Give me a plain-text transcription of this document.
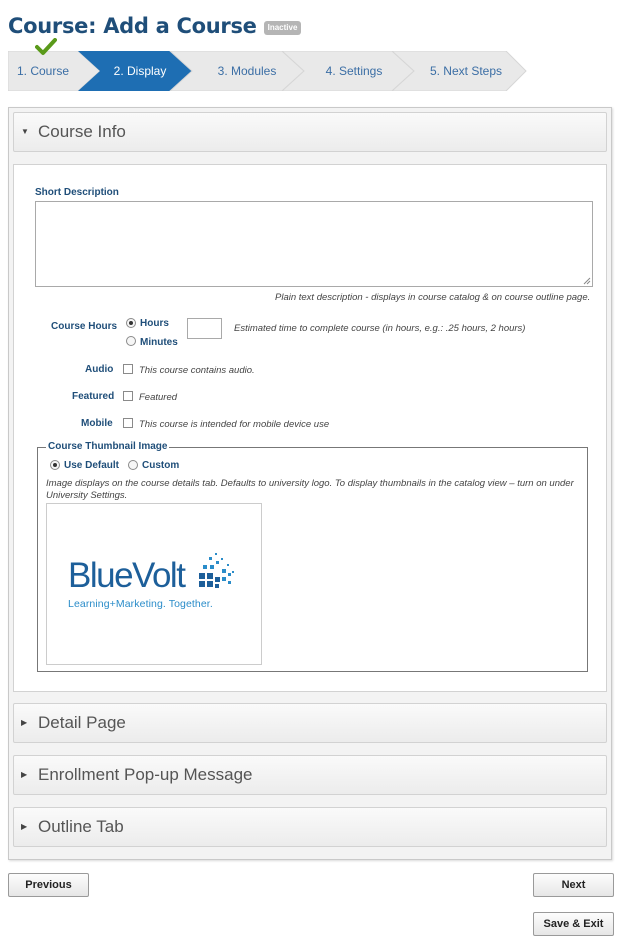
Course: Add a Course	Inactive
1. Course	2. Display	3. Modules	4. Settings	5. Next Steps
▼ Course Info
Short Description
Plain text description - displays in course catalog & on course outline page.
Course Hours Hours
Minutes
Estimated time to complete course (in hours, e.g.: .25 hours, 2 hours)
Audio	This course contains audio.
Featured	Featured
Mobile	This course is intended for mobile device use
Course Thumbnail Image
Use Default Custom
Image displays on the course details tab. Defaults to university logo. To display thumbnails in the catalog view – turn on under University Settings.
BlueVolt
Learning+Marketing. Together.
▶ Detail Page
▶ Enrollment Pop-up Message
▶ Outline Tab
Previous	Next
Save & Exit
